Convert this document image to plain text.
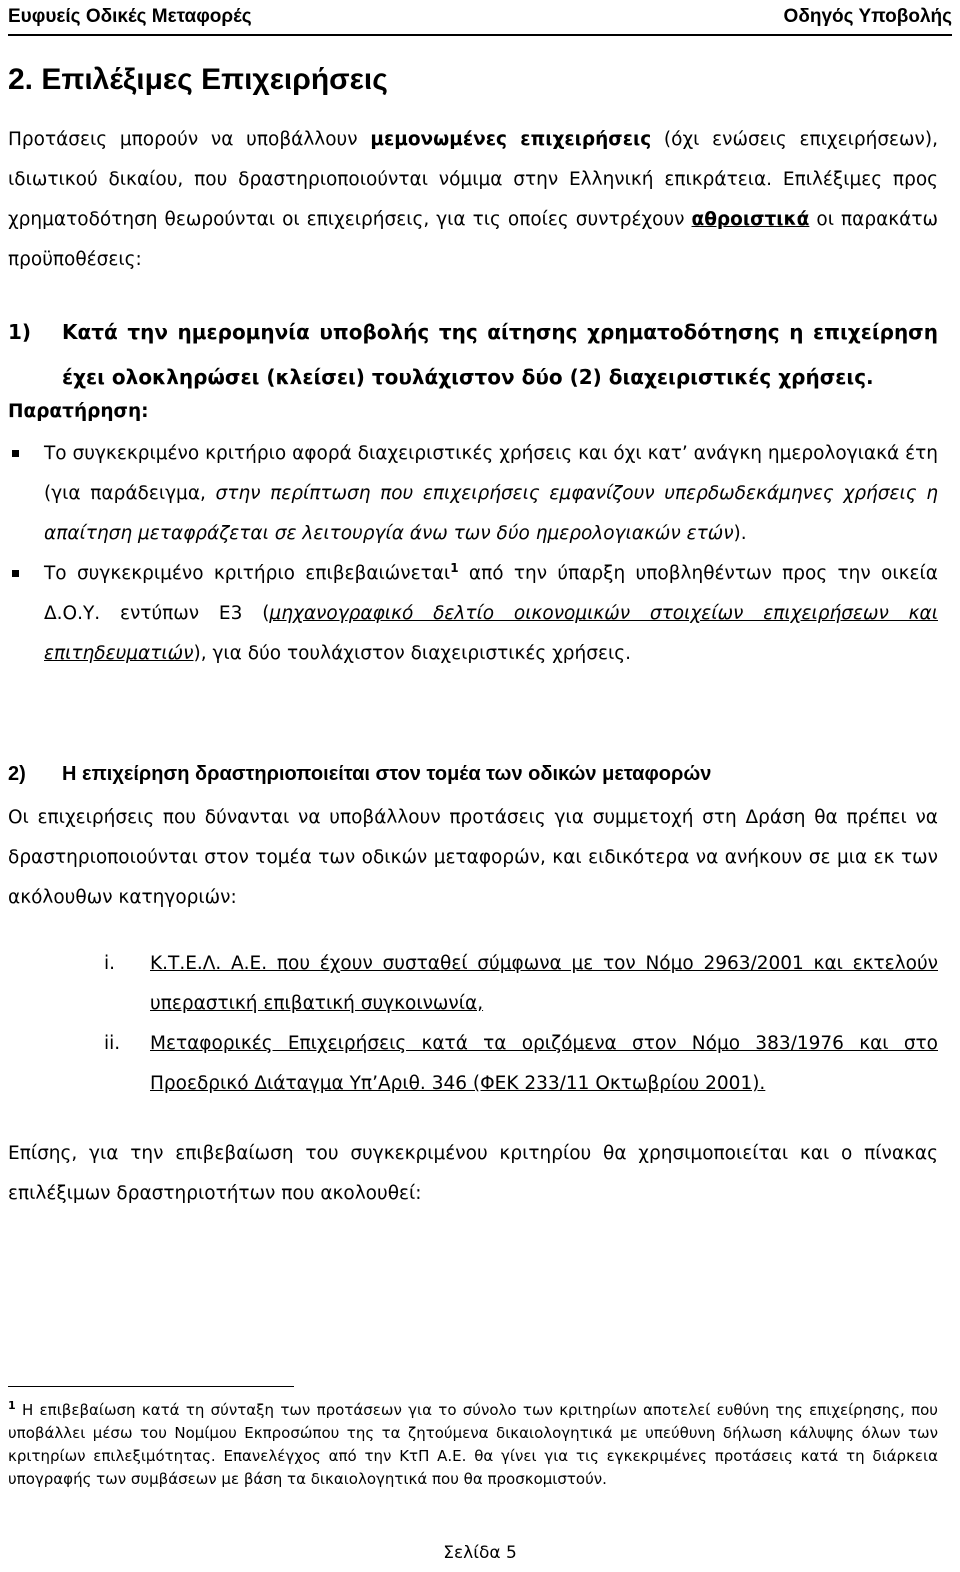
Ευφυείς Οδικές Μεταφορές	Οδηγός Υποβολής
2. Επιλέξιμες Επιχειρήσεις

Προτάσεις μπορούν να υποβάλλουν μεμονωμένες επιχειρήσεις (όχι ενώσεις επιχειρήσεων), ιδιωτικού δικαίου, που δραστηριοποιούνται νόμιμα στην Ελληνική επικράτεια. Επιλέξιμες προς χρηματοδότηση θεωρούνται οι επιχειρήσεις, για τις οποίες συντρέχουν αθροιστικά οι παρακάτω προϋποθέσεις:

1)	Κατά την ημερομηνία υποβολής της αίτησης χρηματοδότησης η επιχείρηση έχει ολοκληρώσει (κλείσει) τουλάχιστον δύο (2) διαχειριστικές χρήσεις.
Παρατήρηση:
Το συγκεκριμένο κριτήριο αφορά διαχειριστικές χρήσεις και όχι κατ’ ανάγκη ημερολογιακά έτη (για παράδειγμα, στην περίπτωση που επιχειρήσεις εμφανίζουν υπερδωδεκάμηνες χρήσεις η απαίτηση μεταφράζεται σε λειτουργία άνω των δύο ημερολογιακών ετών).
Το συγκεκριμένο κριτήριο επιβεβαιώνεται$^1$ από την ύπαρξη υποβληθέντων προς την οικεία Δ.Ο.Υ. εντύπων Ε3 (μηχανογραφικό δελτίο οικονομικών στοιχείων επιχειρήσεων και επιτηδευματιών), για δύο τουλάχιστον διαχειριστικές χρήσεις.
2)	Η επιχείρηση δραστηριοποιείται στον τομέα των οδικών μεταφορών

Οι επιχειρήσεις που δύνανται να υποβάλλουν προτάσεις για συμμετοχή στη Δράση θα πρέπει να δραστηριοποιούνται στον τομέα των οδικών μεταφορών, και ειδικότερα να ανήκουν σε μια εκ των ακόλουθων κατηγοριών:

i.	Κ.Τ.Ε.Λ. Α.Ε. που έχουν συσταθεί σύμφωνα με τον Νόμο 2963/2001 και εκτελούν υπεραστική επιβατική συγκοινωνία,
ii.	Μεταφορικές Επιχειρήσεις κατά τα οριζόμενα στον Νόμο 383/1976 και στο Προεδρικό Διάταγμα Υπ’Αριθ. 346 (ΦΕΚ 233/11 Οκτωβρίου 2001).

Επίσης, για την επιβεβαίωση του συγκεκριμένου κριτηρίου θα χρησιμοποιείται και ο πίνακας επιλέξιμων δραστηριοτήτων που ακολουθεί:

$^1$ Η επιβεβαίωση κατά τη σύνταξη των προτάσεων για το σύνολο των κριτηρίων αποτελεί ευθύνη της επιχείρησης, που υποβάλλει μέσω του Νομίμου Εκπροσώπου της τα ζητούμενα δικαιολογητικά με υπεύθυνη δήλωση κάλυψης όλων των κριτηρίων επιλεξιμότητας. Επανελέγχος από την ΚτΠ Α.Ε. θα γίνει για τις εγκεκριμένες προτάσεις κατά τη διάρκεια υπογραφής των συμβάσεων με βάση τα δικαιολογητικά που θα προσκομιστούν.
Σελίδα 5
